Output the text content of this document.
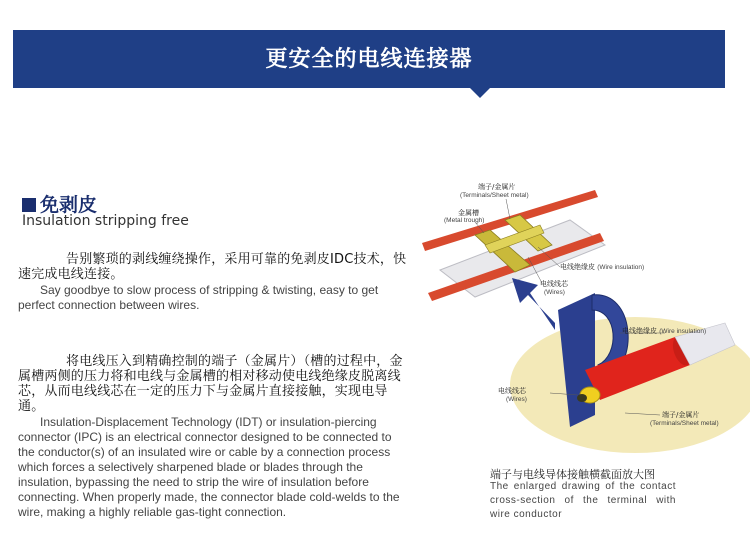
更安全的电线连接器
免剥皮
Insulation stripping free
告别繁琐的剥线缠绕操作，采用可靠的免剥皮IDC技术，快速完成电线连接。
Say goodbye to slow process of stripping & twisting, easy to get perfect connection between wires.
将电线压入到精确控制的端子（金属片）（槽的过程中，金属槽两侧的压力将和电线与金属槽的相对移动使电线绝缘皮脱离线芯，从而电线线芯在一定的压力下与金属片直接接触，实现电导通。
Insulation-Displacement Technology (IDT) or insulation-piercing connector (IPC) is an electrical connector designed to be connected to the conductor(s) of an insulated wire or cable by a connection process which forces a selectively sharpened blade or blades through the insulation, bypassing the need to strip the wire of insulation before connecting. When properly made, the connector blade cold-welds to the wire, making a highly reliable gas-tight connection.
端子/金属片
(Terminals/Sheet metal)
金属槽
(Metal trough)
电线绝缘皮 (Wire insulation)
电线线芯
(Wires)
电线绝缘皮 (Wire insulation)
电线线芯
(Wires)
端子/金属片
(Terminals/Sheet metal)
端子与电线导体接触横截面放大图
The enlarged drawing of the contact cross-section of the terminal with wire conductor
